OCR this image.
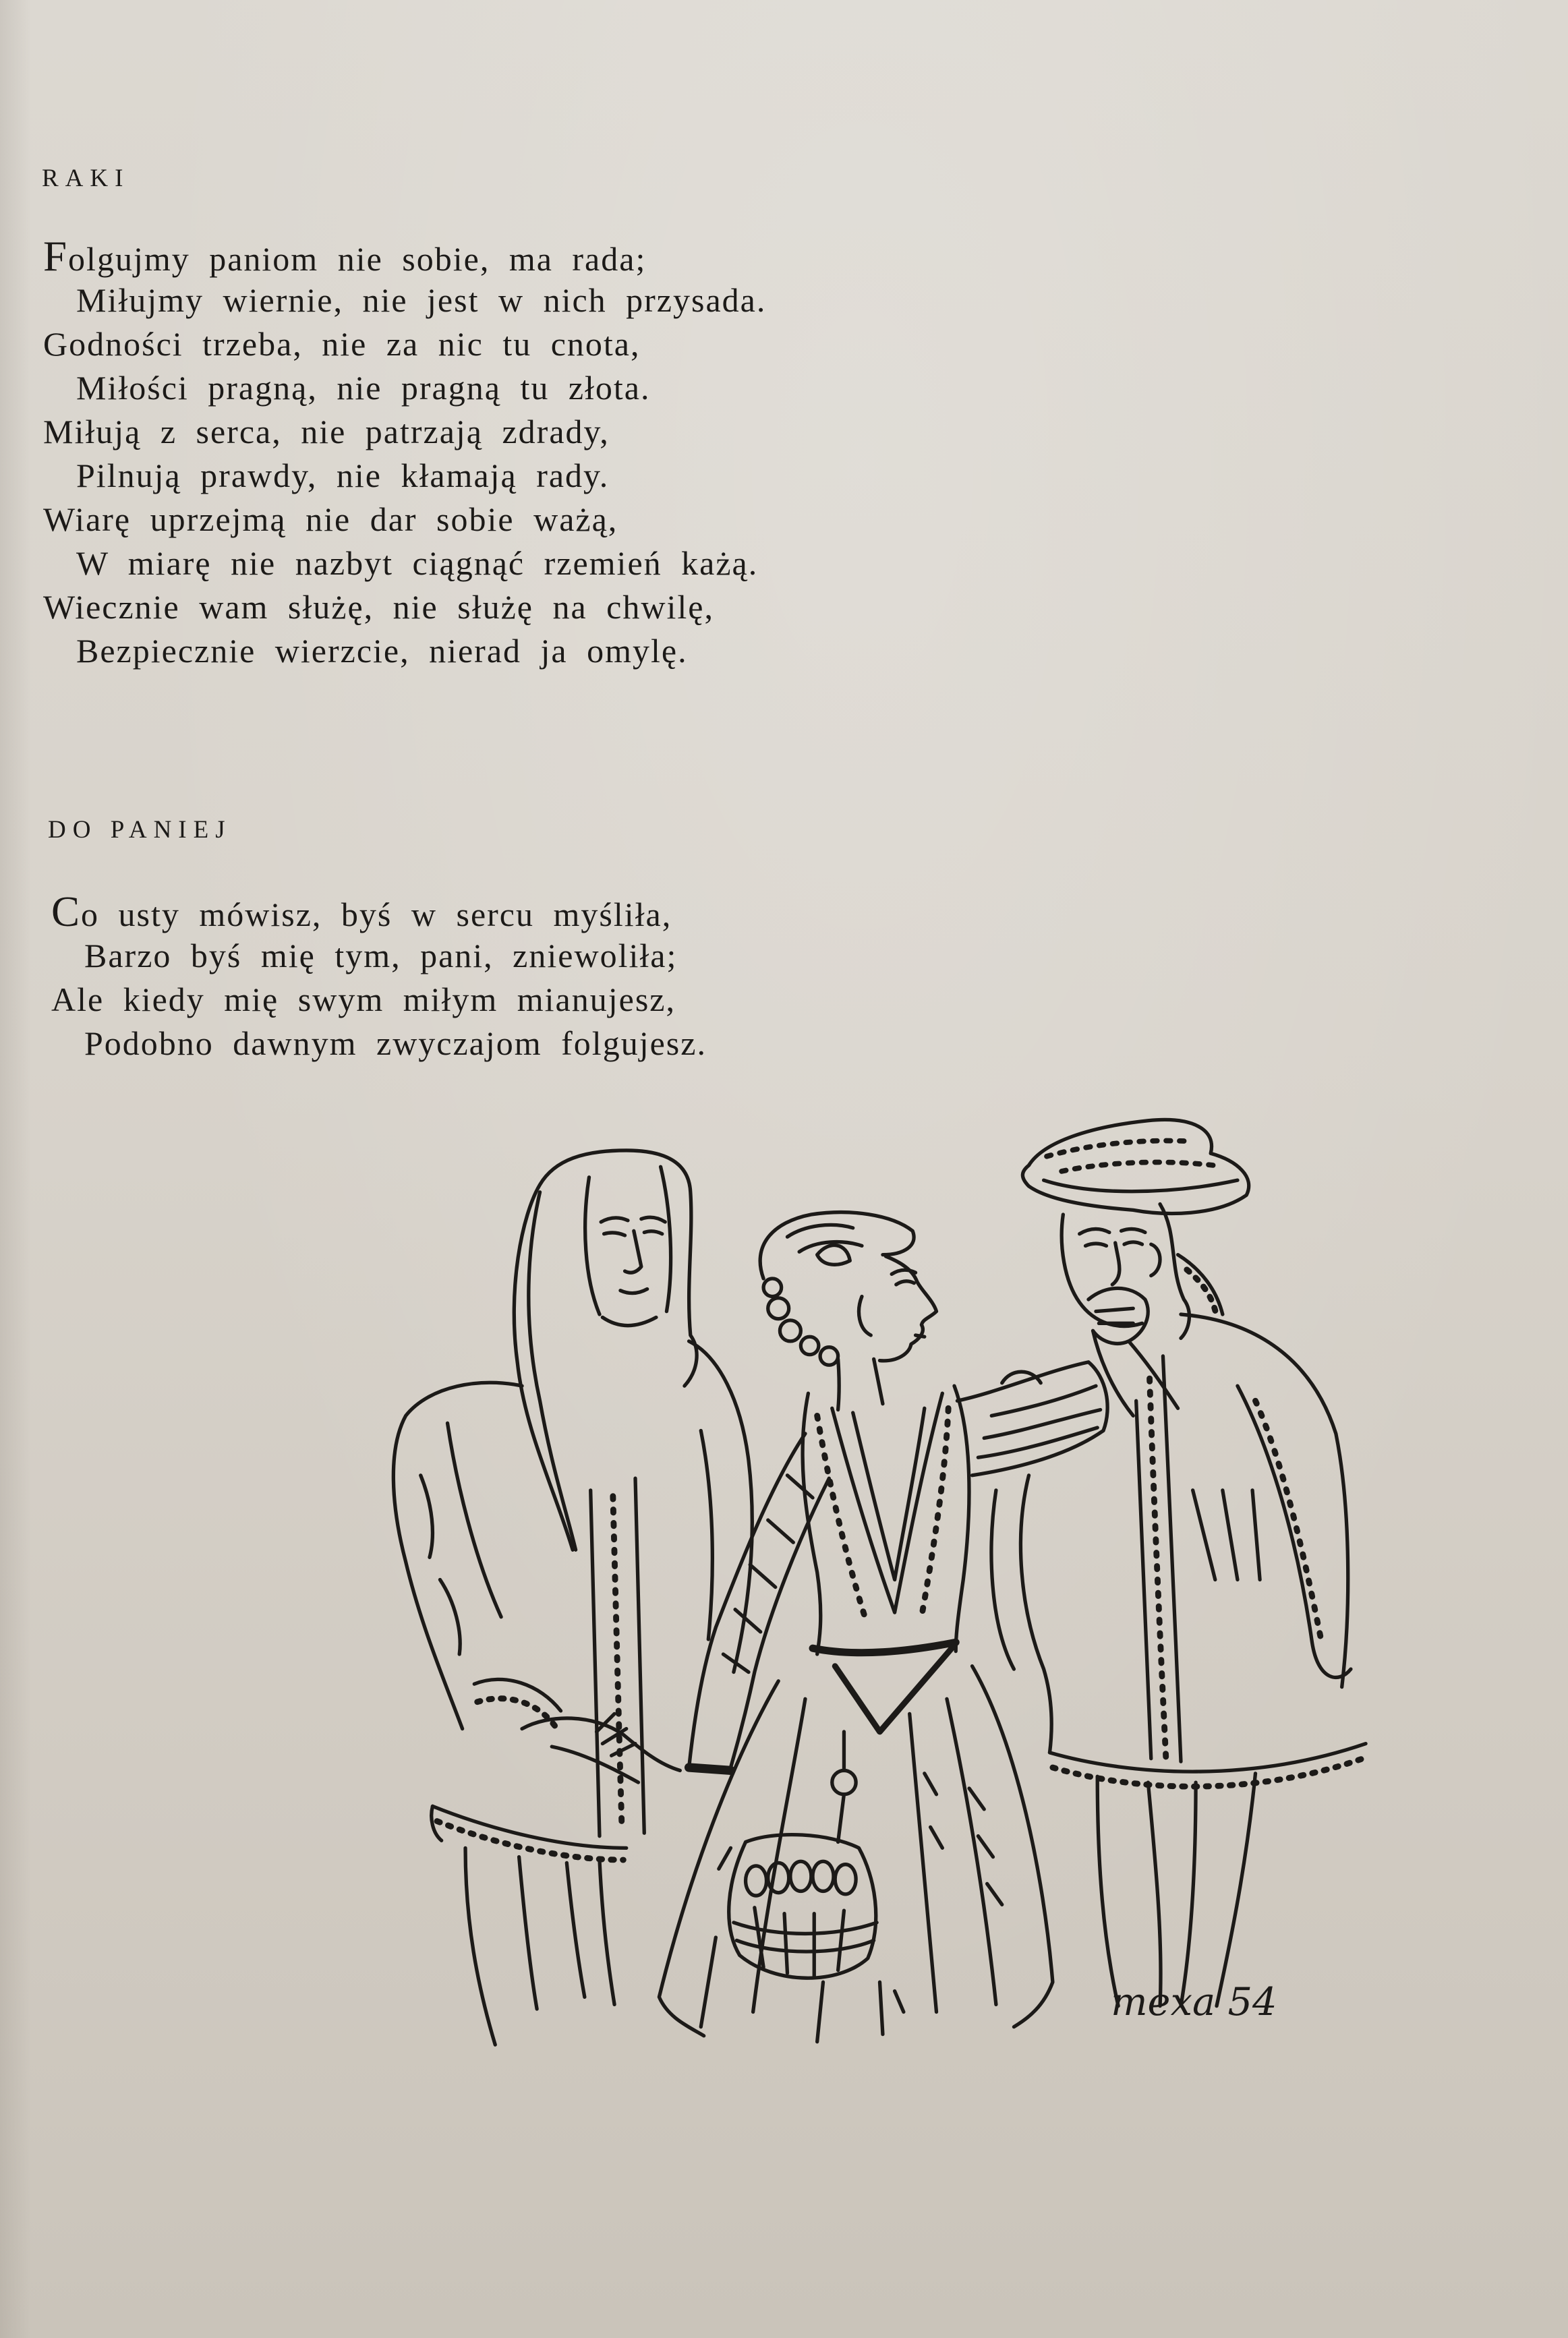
RAKI
Folgujmy paniom nie sobie, ma rada;
Miłujmy wiernie, nie jest w nich przysada.
Godności trzeba, nie za nic tu cnota,
Miłości pragną, nie pragną tu złota.
Miłują z serca, nie patrzają zdrady,
Pilnują prawdy, nie kłamają rady.
Wiarę uprzejmą nie dar sobie ważą,
W miarę nie nazbyt ciągnąć rzemień każą.
Wiecznie wam służę, nie służę na chwilę,
Bezpiecznie wierzcie, nierad ja omylę.
DO PANIEJ
Co usty mówisz, byś w sercu myśliła,
Barzo byś mię tym, pani, zniewoliła;
Ale kiedy mię swym miłym mianujesz,
Podobno dawnym zwyczajom folgujesz.
mexa 54
